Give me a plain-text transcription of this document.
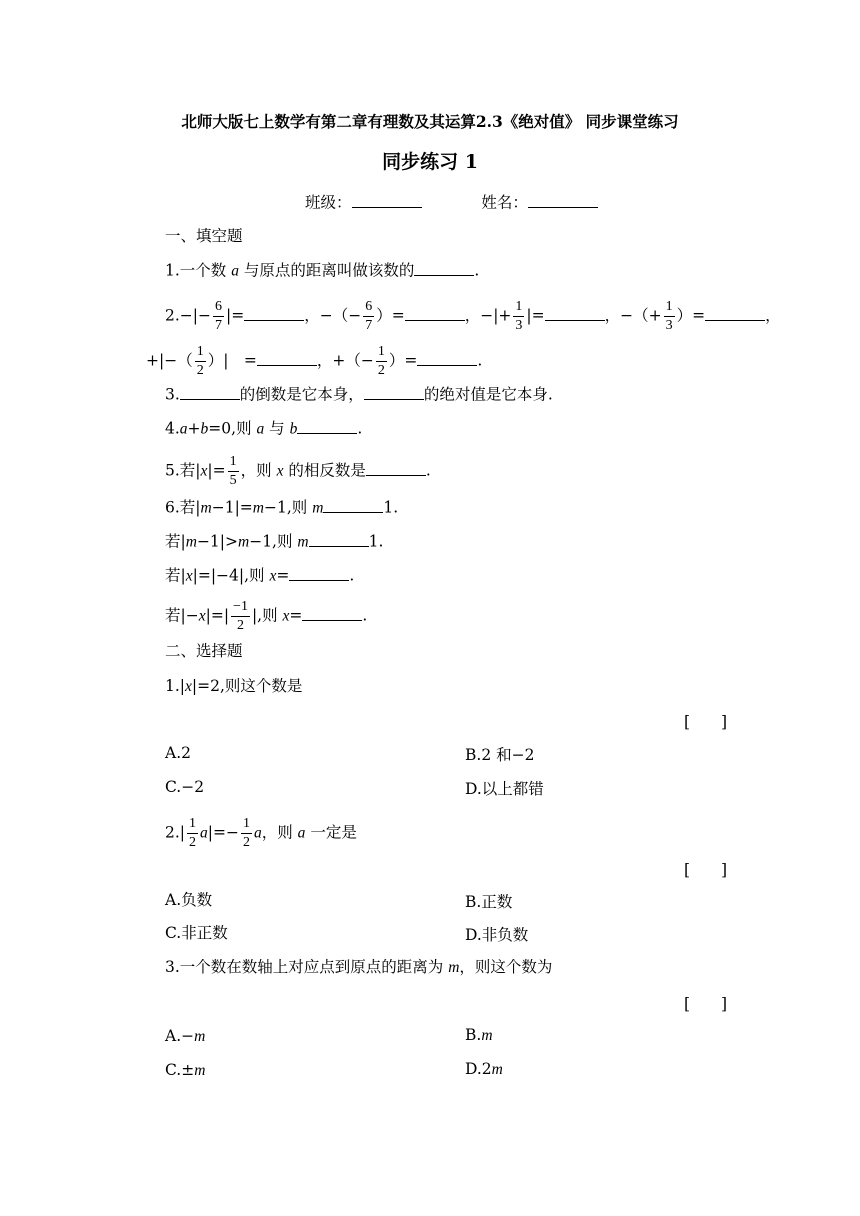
北师大版七上数学有第二章有理数及其运算2.3《绝对值》 同步课堂练习
同步练习 1
班级：	姓名：
一、填空题
1.一个数 a 与原点的距离叫做该数的	.
$2.-|- \frac{6}{7}$ |=	，−（− $\frac{6}{7}$ ）=	，−|+ $\frac{1}{3}$ |=	，−（+ $\frac{1}{3}$ ）=	，
+|−（ $\frac{1}{2}$ ）|　=	，+（− $\frac{1}{2}$ ）=	.
3.	的倒数是它本身，	的绝对值是它本身.
4.a+b=0,则 a 与 b	.
5.若$|x|= \frac{1}{5}$ ，则 x 的相反数是	.
6.若|m−1|=m−1,则 m	1.
若|m−1|>m−1,则 m	1.
若|x|=|−4|,则 x=	.
若$|-x|=| \frac{-1}{2}$ |,则 x=	.
二、选择题
1.|x|=2,则这个数是
[　　]
A.2	B.2 和−2
C.−2	D.以上都错
$2.| \frac{1}{2} a|=- \frac{1}{2}$ a，则 a 一定是
[　　]
A.负数	B.正数
C.非正数	D.非负数
3.一个数在数轴上对应点到原点的距离为 m，则这个数为
[　　]
A.−m	B.m
C.±m	D.2m
